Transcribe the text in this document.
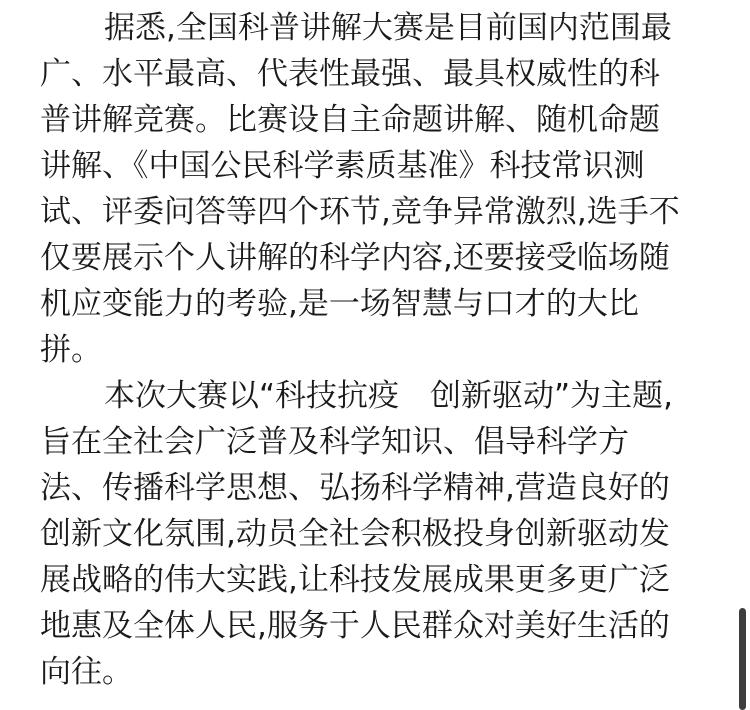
据悉,全国科普讲解大赛是目前国内范围最
广、水平最高、代表性最强、最具权威性的科
普讲解竞赛。比赛设自主命题讲解、随机命题
讲解、《中国公民科学素质基准》科技常识测
试、评委问答等四个环节,竞争异常激烈,选手不
仅要展示个人讲解的科学内容,还要接受临场随
机应变能力的考验,是一场智慧与口才的大比
拼。
本次大赛以“科技抗疫　创新驱动”为主题,
旨在全社会广泛普及科学知识、倡导科学方
法、传播科学思想、弘扬科学精神,营造良好的
创新文化氛围,动员全社会积极投身创新驱动发
展战略的伟大实践,让科技发展成果更多更广泛
地惠及全体人民,服务于人民群众对美好生活的
向往。
